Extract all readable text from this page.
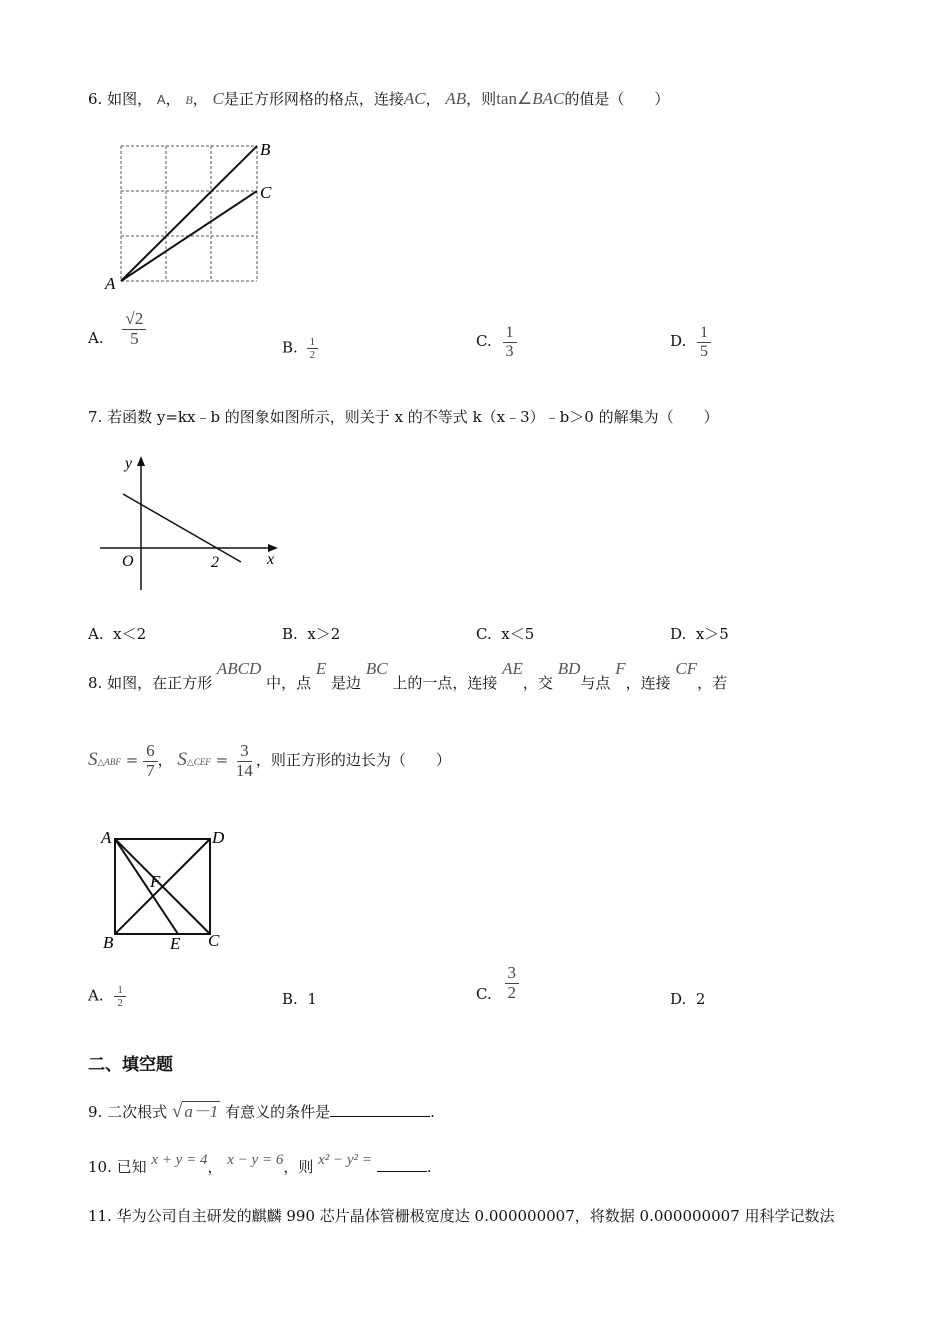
6. 如图， A， B， C是正方形网格的格点，连接AC， AB，则tan∠BAC的值是（　　）
B
C
A
A. $\frac{√2}{5}$	B. $\frac{1}{2}$	C. $\frac{1}{3}$	D. $\frac{1}{5}$
7. 若函数 y=kx﹣b 的图象如图所示，则关于 x 的不等式 k（x﹣3）﹣b＞0 的解集为（　　）
y
x
O	2
A. x＜2	B. x＞2	C. x＜5	D. x＞5
8. 如图，在正方形 ABCD 中，点 E 是边 BC 上的一点，连接 AE，交 BD与点 F，连接 CF，若
S△ABF = $\frac{6}{7}$ ， S△CEF = $\frac{3}{14}$ ，则正方形的边长为（　　）
A	D
F
B	E C
A. $\frac{1}{2}$	B. 1	C. $\frac{3}{2}$	D. 2
二、填空题
9. 二次根式 √ a－1 有意义的条件是	.
10. 已知 x + y = 4， x − y = 6，则 x² − y² =	.
11. 华为公司自主研发的麒麟 990 芯片晶体管栅极宽度达 0.000000007，将数据 0.000000007 用科学记数法
